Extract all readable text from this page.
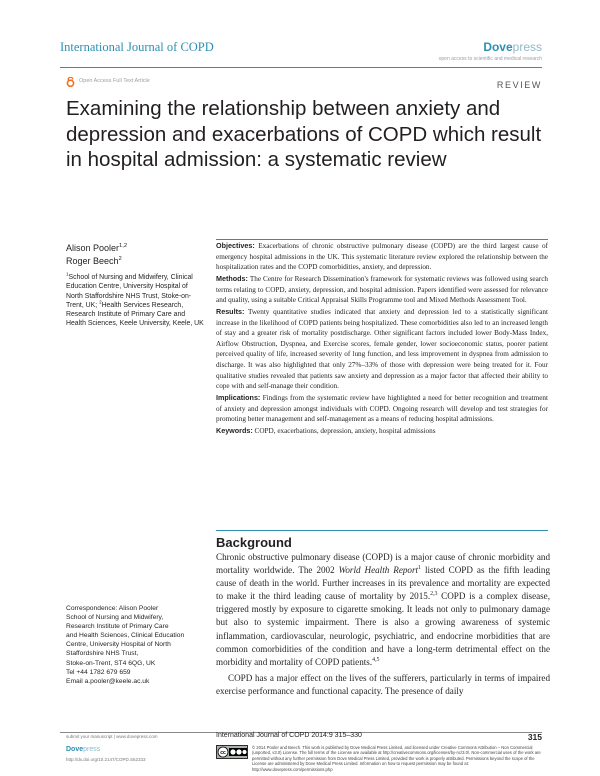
International Journal of COPD	Dovepress
open access to scientific and medical research
Open Access Full Text Article	REVIEW
Examining the relationship between anxiety and depression and exacerbations of COPD which result in hospital admission: a systematic review
Alison Pooler$^{1,2}$
Roger Beech$^2$
$^1$School of Nursing and Midwifery, Clinical Education Centre, University Hospital of North Staffordshire NHS Trust, Stoke-on-Trent, UK; $^2$Health Services Research, Research Institute of Primary Care and Health Sciences, Keele University, Keele, UK

Objectives: Exacerbations of chronic obstructive pulmonary disease (COPD) are the third largest cause of emergency hospital admissions in the UK. This systematic literature review explored the relationship between the hospitalization rates and the COPD comorbidities, anxiety, and depression.

Methods: The Centre for Research Dissemination's framework for systematic reviews was followed using search terms relating to COPD, anxiety, depression, and hospital admission. Papers identified were assessed for relevance and quality, using a suitable Critical Appraisal Skills Programme tool and Mixed Methods Assessment Tool.

Results: Twenty quantitative studies indicated that anxiety and depression led to a statistically significant increase in the likelihood of COPD patients being hospitalized. These comorbidities also led to an increased length of stay and a greater risk of mortality postdischarge. Other significant factors included lower Body-Mass Index, Airflow Obstruction, Dyspnea, and Exercise scores, female gender, lower socioeconomic status, poorer patient perceived quality of life, increased severity of lung function, and less improvement in dyspnea from admission to discharge. It was also highlighted that only 27%–33% of those with depression were being treated for it. Four qualitative studies revealed that patients saw anxiety and depression as a major factor that affected their ability to cope with and self-manage their condition.

Implications: Findings from the systematic review have highlighted a need for better recognition and treatment of anxiety and depression amongst individuals with COPD. Ongoing research will develop and test strategies for promoting better management and self-management as a means of reducing hospital admissions.

Keywords: COPD, exacerbations, depression, anxiety, hospital admissions

Background

Chronic obstructive pulmonary disease (COPD) is a major cause of chronic morbidity and mortality worldwide. The 2002 World Health Report$^1$ listed COPD as the fifth leading cause of death in the world. Further increases in its prevalence and mortality are expected to make it the third leading cause of mortality by 2015.$^{2,3}$ COPD is a complex disease, triggered mostly by exposure to cigarette smoking. It leads not only to pulmonary damage but also to systemic impairment. There is also a growing awareness of systemic inflammation, cardiovascular, neurologic, psychiatric, and endocrine morbidities that are common comorbidities of the condition and have a long-term detrimental effect on the morbidity and mortality of COPD patients.$^{4,5}$

COPD has a major effect on the lives of the sufferers, particularly in terms of impaired exercise performance and functional capacity. The presence of daily

Correspondence: Alison Pooler
School of Nursing and Midwifery,
Research Institute of Primary Care
and Health Sciences, Clinical Education
Centre, University Hospital of North
Staffordshire NHS Trust,
Stoke-on-Trent, ST4 6QG, UK
Tel +44 1782 679 659
Email a.pooler@keele.ac.uk
submit your manuscript | www.dovepress.com	International Journal of COPD 2014:9 315–330	315
Dovepress
http://dx.doi.org/10.2147/COPD.S62333
cc
© 2014 Pooler and Beech. This work is published by Dove Medical Press Limited, and licensed under Creative Commons Attribution – Non Commercial (unported, v3.0) License. The full terms of the License are available at http://creativecommons.org/licenses/by-nc/3.0/. Non-commercial uses of the work are permitted without any further permission from Dove Medical Press Limited, provided the work is properly attributed. Permissions beyond the scope of the License are administered by Dove Medical Press Limited. Information on how to request permission may be found at: http://www.dovepress.com/permissions.php
